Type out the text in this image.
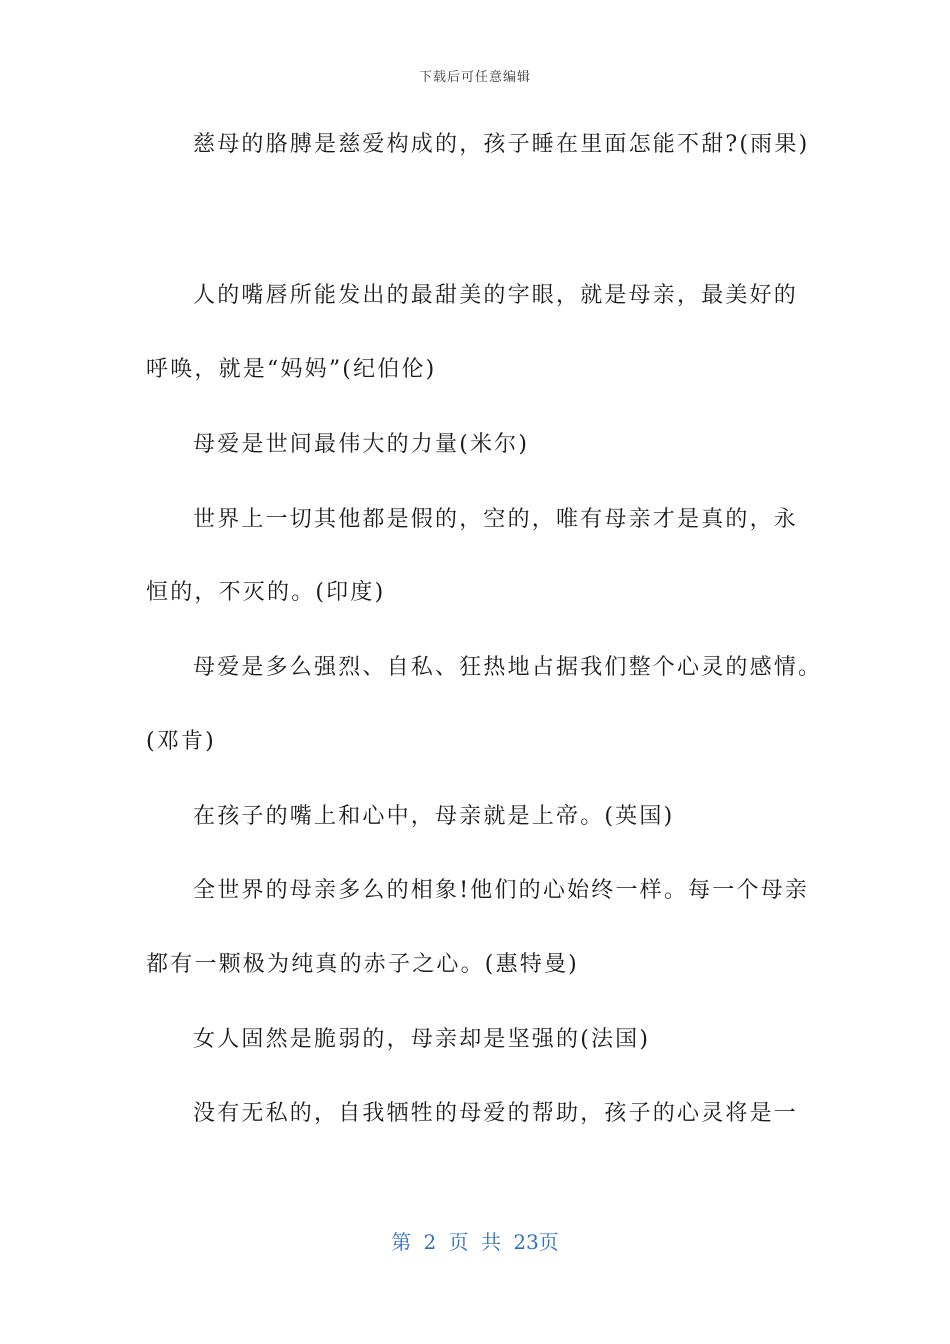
下载后可任意编辑
慈母的胳膊是慈爱构成的，孩子睡在里面怎能不甜?(雨果)
人的嘴唇所能发出的最甜美的字眼，就是母亲，最美好的
呼唤，就是“妈妈”(纪伯伦)
母爱是世间最伟大的力量(米尔)
世界上一切其他都是假的，空的，唯有母亲才是真的，永
恒的，不灭的。(印度)
母爱是多么强烈、自私、狂热地占据我们整个心灵的感情。
(邓肯)
在孩子的嘴上和心中，母亲就是上帝。(英国)
全世界的母亲多么的相象!他们的心始终一样。每一个母亲
都有一颗极为纯真的赤子之心。(惠特曼)
女人固然是脆弱的，母亲却是坚强的(法国)
没有无私的，自我牺牲的母爱的帮助，孩子的心灵将是一
第 2 页 共 23页
